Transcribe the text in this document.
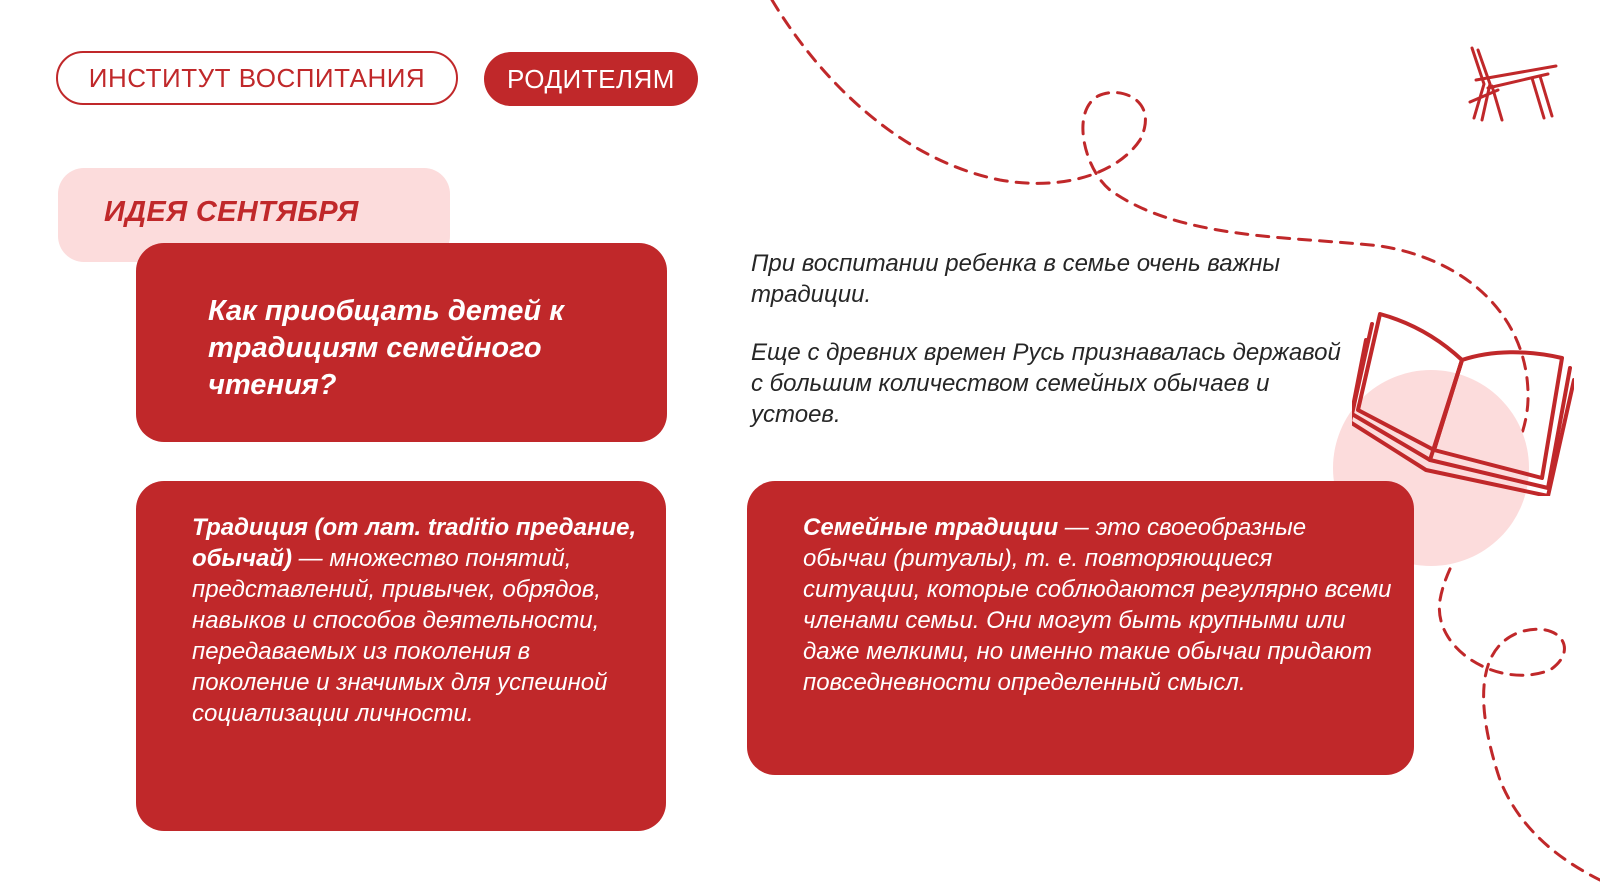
ИНСТИТУТ ВОСПИТАНИЯ	РОДИТЕЛЯМ
ИДЕЯ СЕНТЯБРЯ
Как приобщать детей к традициям семейного чтения?

При воспитании ребенка в семье очень важны традиции.

Еще с древних времен Русь признавалась державой с большим количеством семейных обычаев и устоев.

Традиция (от лат. traditio предание, обычай) — множество понятий, представлений, привычек, обрядов, навыков и способов деятельности, передаваемых из поколения в поколение и значимых для успешной социализации личности.

Семейные традиции — это своеобразные обычаи (ритуалы), т. е. повторяющиеся ситуации, которые соблюдаются регулярно всеми членами семьи. Они могут быть крупными или даже мелкими, но именно такие обычаи придают повседневности определенный смысл.
